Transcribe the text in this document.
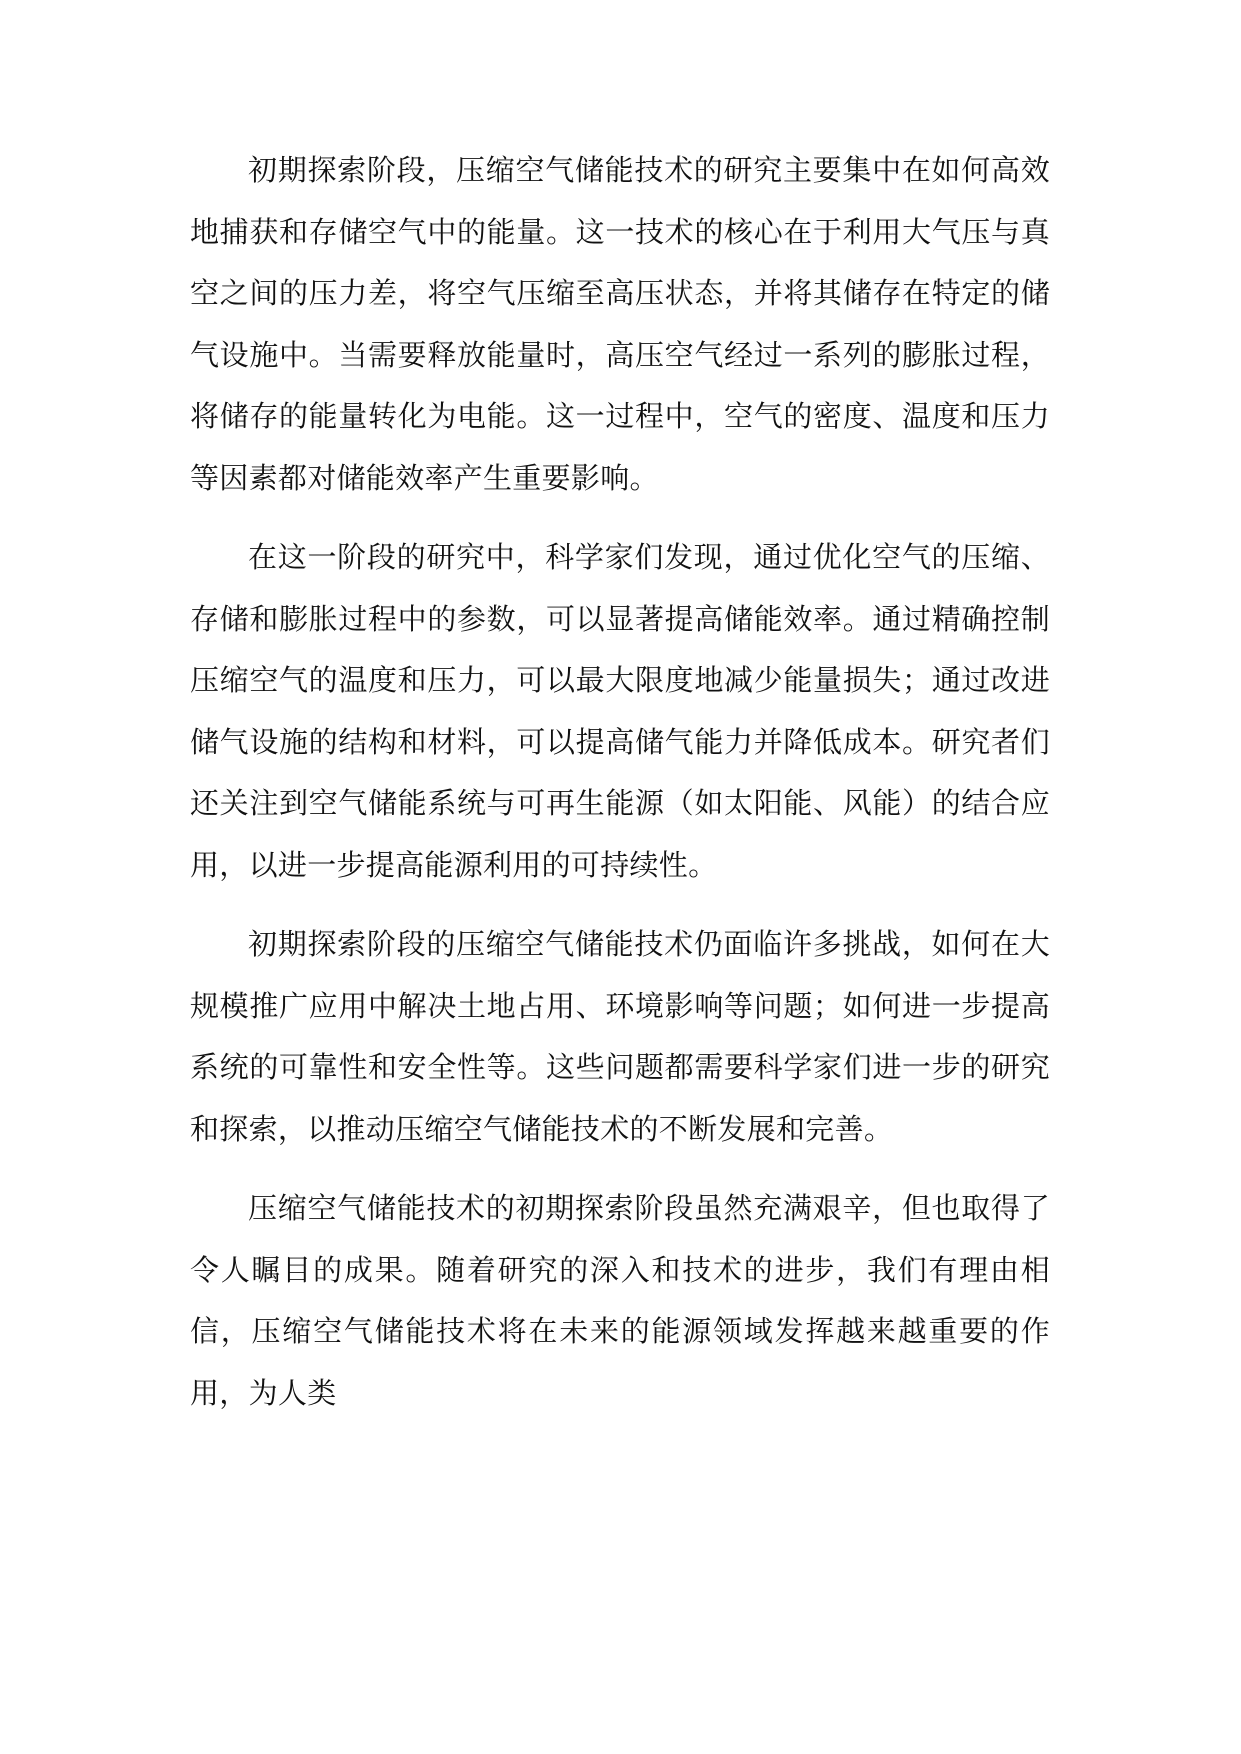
初期探索阶段，压缩空气储能技术的研究主要集中在如何高效地捕获和存储空气中的能量。这一技术的核心在于利用大气压与真空之间的压力差，将空气压缩至高压状态，并将其储存在特定的储气设施中。当需要释放能量时，高压空气经过一系列的膨胀过程，将储存的能量转化为电能。这一过程中，空气的密度、温度和压力等因素都对储能效率产生重要影响。

在这一阶段的研究中，科学家们发现，通过优化空气的压缩、存储和膨胀过程中的参数，可以显著提高储能效率。通过精确控制压缩空气的温度和压力，可以最大限度地减少能量损失；通过改进储气设施的结构和材料，可以提高储气能力并降低成本。研究者们还关注到空气储能系统与可再生能源（如太阳能、风能）的结合应用，以进一步提高能源利用的可持续性。

初期探索阶段的压缩空气储能技术仍面临许多挑战，如何在大规模推广应用中解决土地占用、环境影响等问题；如何进一步提高系统的可靠性和安全性等。这些问题都需要科学家们进一步的研究和探索，以推动压缩空气储能技术的不断发展和完善。

压缩空气储能技术的初期探索阶段虽然充满艰辛，但也取得了令人瞩目的成果。随着研究的深入和技术的进步，我们有理由相信，压缩空气储能技术将在未来的能源领域发挥越来越重要的作用，为人类
